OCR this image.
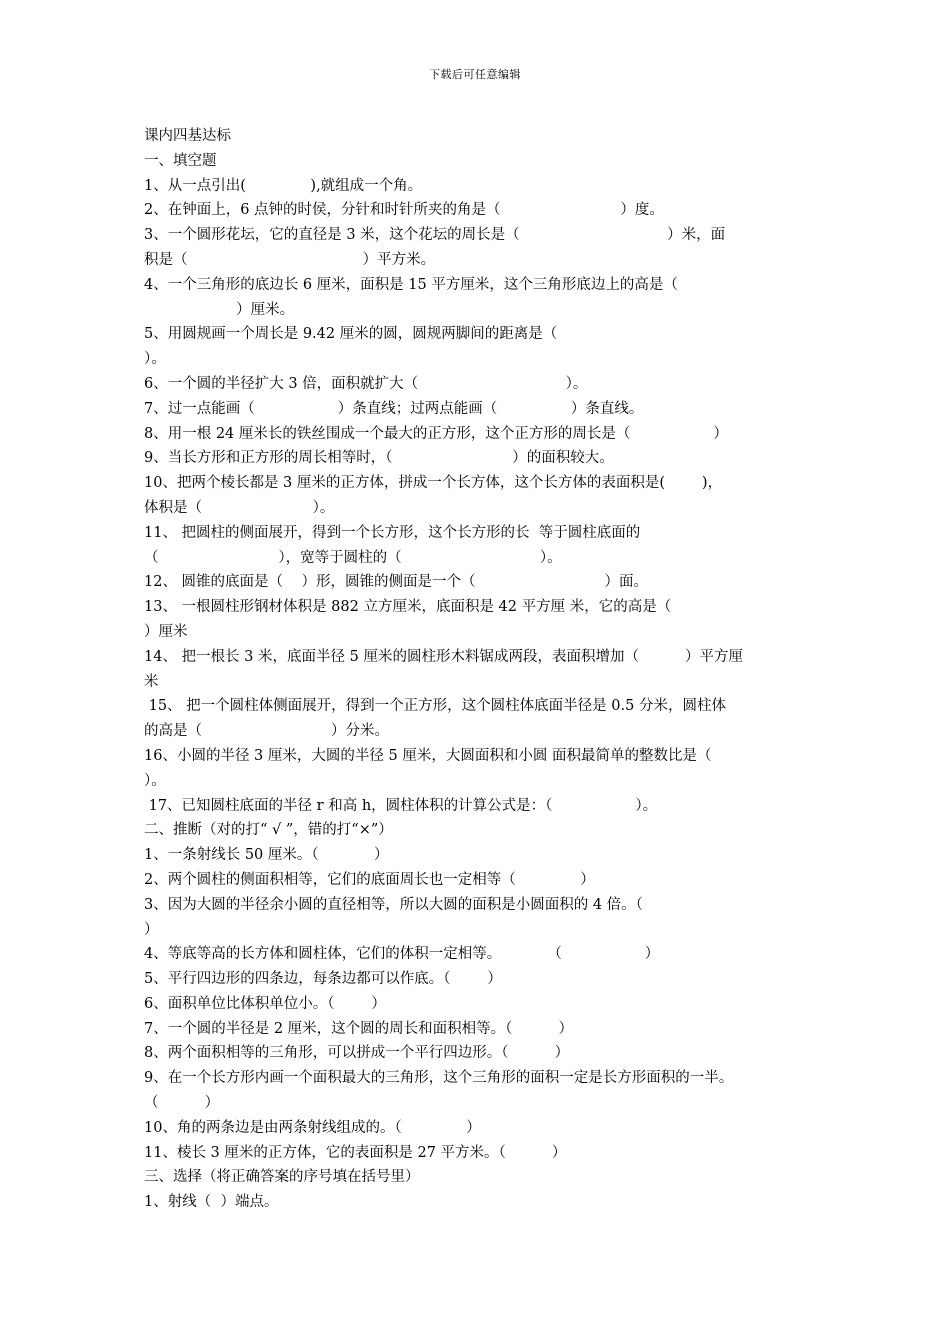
下载后可任意编辑
课内四基达标
一、填空题
1、从一点引出(              ),就组成一个角。
2、在钟面上，6 点钟的时侯，分针和时针所夹的角是（                          ）度。
3、一个圆形花坛，它的直径是 3 米，这个花坛的周长是（                                ）米，面
积是（                                      ）平方米。
4、一个三角形的底边长 6 厘米，面积是 15 平方厘米，这个三角形底边上的高是（
）厘米。
5、用圆规画一个周长是 9.42 厘米的圆，圆规两脚间的距离是（
）。
6、一个圆的半径扩大 3 倍，面积就扩大（                                ）。
7、过一点能画（                  ）条直线；过两点能画（                ）条直线。
8、用一根 24 厘米长的铁丝围成一个最大的正方形，这个正方形的周长是（                  ）
9、当长方形和正方形的周长相等时，（                          ）的面积较大。
10、把两个棱长都是 3 厘米的正方体，拼成一个长方体，这个长方体的表面积是(        )，
体积是（                        ）。
11、 把圆柱的侧面展开，得到一个长方形，这个长方形的长  等于圆柱底面的
（                          ），宽等于圆柱的（                              ）。
12、 圆锥的底面是（    ）形，圆锥的侧面是一个（                            ）面。
13、 一根圆柱形钢材体积是 882 立方厘米，底面积是 42 平方厘 米，它的高是（
）厘米
14、 把一根长 3 米，底面半径 5 厘米的圆柱形木料锯成两段，表面积增加（          ）平方厘
米
15、 把一个圆柱体侧面展开，得到一个正方形，这个圆柱体底面半径是 0.5 分米，圆柱体
的高是（                            ）分米。
16、小圆的半径 3 厘米，大圆的半径 5 厘米，大圆面积和小圆 面积最简单的整数比是（
）。
17、已知圆柱底面的半径 r 和高 h，圆柱体积的计算公式是：（                  ）。
二、推断（对的打“ √ ”，错的打“×”）
1、一条射线长 50 厘米。（            ）
2、两个圆柱的侧面积相等，它们的底面周长也一定相等（              ）
3、因为大圆的半径余小圆的直径相等，所以大圆的面积是小圆面积的 4 倍。（
）
4、等底等高的长方体和圆柱体，它们的体积一定相等。          （                  ）
5、平行四边形的四条边，每条边都可以作底。（        ）
6、面积单位比体积单位小。（        ）
7、一个圆的半径是 2 厘米，这个圆的周长和面积相等。（          ）
8、两个面积相等的三角形，可以拼成一个平行四边形。（          ）
9、在一个长方形内画一个面积最大的三角形，这个三角形的面积一定是长方形面积的一半。
（          ）
10、角的两条边是由两条射线组成的。（              ）
11、棱长 3 厘米的正方体，它的表面积是 27 平方米。（          ）
三、选择（将正确答案的序号填在括号里）
1、射线（  ）端点。
